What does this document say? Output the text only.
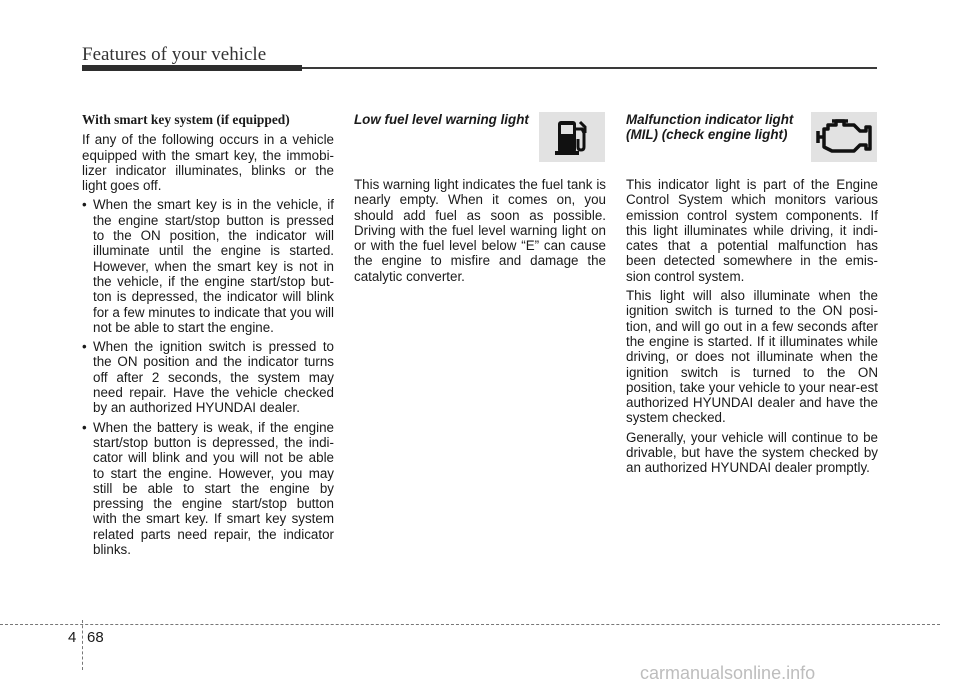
Features of your vehicle
With smart key system (if equipped)

If any of the following occurs in a vehicle equipped with the smart key, the immobi-lizer indicator illuminates, blinks or the light goes off.

• When the smart key is in the vehicle, if the engine start/stop button is pressed to the ON position, the indicator will illuminate until the engine is started. However, when the smart key is not in the vehicle, if the engine start/stop but-ton is depressed, the indicator will blink for a few minutes to indicate that you will not be able to start the engine.
• When the ignition switch is pressed to the ON position and the indicator turns off after 2 seconds, the system may need repair. Have the vehicle checked by an authorized HYUNDAI dealer.
• When the battery is weak, if the engine start/stop button is depressed, the indi-cator will blink and you will not be able to start the engine. However, you may still be able to start the engine by pressing the engine start/stop button with the smart key. If smart key system related parts need repair, the indicator blinks.
Low fuel level warning light

This warning light indicates the fuel tank is nearly empty. When it comes on, you should add fuel as soon as possible. Driving with the fuel level warning light on or with the fuel level below “E” can cause the engine to misfire and damage the catalytic converter.

Malfunction indicator light (MIL) (check engine light)

This indicator light is part of the Engine Control System which monitors various emission control system components. If this light illuminates while driving, it indi-cates that a potential malfunction has been detected somewhere in the emis-sion control system.

This light will also illuminate when the ignition switch is turned to the ON posi-tion, and will go out in a few seconds after the engine is started. If it illuminates while driving, or does not illuminate when the ignition switch is turned to the ON position, take your vehicle to your near-est authorized HYUNDAI dealer and have the system checked.

Generally, your vehicle will continue to be drivable, but have the system checked by an authorized HYUNDAI dealer promptly.

4 68
carmanualsonline.info
